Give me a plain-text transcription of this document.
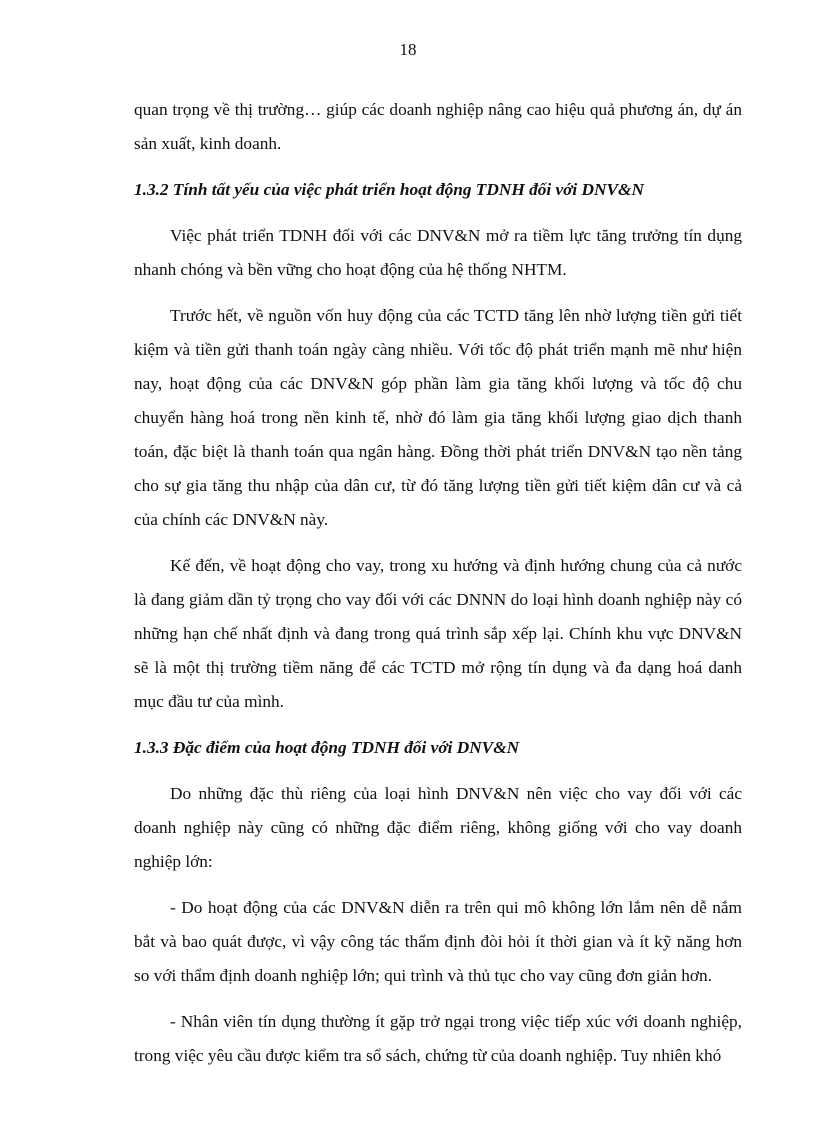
18

quan trọng về thị trường… giúp các doanh nghiệp nâng cao hiệu quả phương án, dự án sản xuất, kinh doanh.

1.3.2 Tính tất yếu của việc phát triển hoạt động TDNH đối với DNV&N

Việc phát triển TDNH đối với các DNV&N mở ra tiềm lực tăng trưởng tín dụng nhanh chóng và bền vững cho hoạt động của hệ thống NHTM.

Trước hết, về nguồn vốn huy động của các TCTD tăng lên nhờ lượng tiền gửi tiết kiệm và tiền gửi thanh toán ngày càng nhiều. Với tốc độ phát triển mạnh mẽ như hiện nay, hoạt động của các DNV&N góp phần làm gia tăng khối lượng và tốc độ chu chuyển hàng hoá trong nền kinh tế, nhờ đó làm gia tăng khối lượng giao dịch thanh toán, đặc biệt là thanh toán qua ngân hàng. Đồng thời phát triển DNV&N tạo nền tảng cho sự gia tăng thu nhập của dân cư, từ đó tăng lượng tiền gửi tiết kiệm dân cư và cả của chính các DNV&N này.

Kế đến, về hoạt động cho vay, trong xu hướng và định hướng chung của cả nước là đang giảm dần tỷ trọng cho vay đối với các DNNN do loại hình doanh nghiệp này có những hạn chế nhất định và đang trong quá trình sắp xếp lại. Chính khu vực DNV&N sẽ là một thị trường tiềm năng để các TCTD mở rộng tín dụng và đa dạng hoá danh mục đầu tư của mình.

1.3.3 Đặc điểm của hoạt động TDNH đối với DNV&N

Do những đặc thù riêng của loại hình DNV&N nên việc cho vay đối với các doanh nghiệp này cũng có những đặc điểm riêng, không giống với cho vay doanh nghiệp lớn:

- Do hoạt động của các DNV&N diễn ra trên qui mô không lớn lắm nên dễ nắm bắt và bao quát được, vì vậy công tác thẩm định đòi hỏi ít thời gian và ít kỹ năng hơn so với thẩm định doanh nghiệp lớn; qui trình và thủ tục cho vay cũng đơn giản hơn.

- Nhân viên tín dụng thường ít gặp trở ngại trong việc tiếp xúc với doanh nghiệp, trong việc yêu cầu được kiểm tra sổ sách, chứng từ của doanh nghiệp. Tuy nhiên khó
